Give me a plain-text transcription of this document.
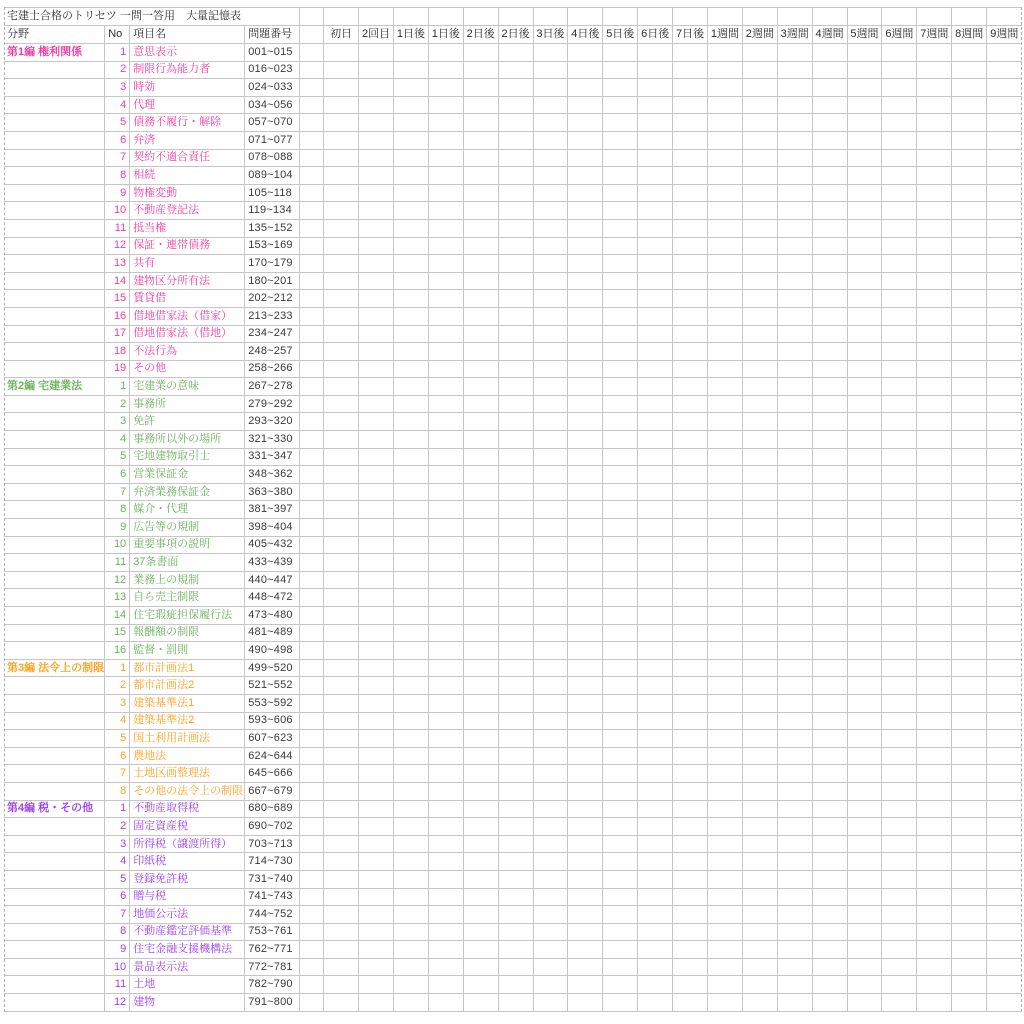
宅建士合格のトリセツ 一問一答用　大量記憶表																								
分野	No	項目名	問題番号		初日	2回目	1日後	1日後	2日後	2日後	3日後	4日後	5日後	6日後	7日後	1週間	2週間	3週間	4週間	5週間	6週間	7週間	8週間	9週間
第1編 権利関係	1	意思表示	001~015																					
	2	制限行為能力者	016~023																					
	3	時効	024~033																					
	4	代理	034~056																					
	5	債務不履行・解除	057~070																					
	6	弁済	071~077																					
	7	契約不適合責任	078~088																					
	8	相続	089~104																					
	9	物権変動	105~118																					
	10	不動産登記法	119~134																					
	11	抵当権	135~152																					
	12	保証・連帯債務	153~169																					
	13	共有	170~179																					
	14	建物区分所有法	180~201																					
	15	賃貸借	202~212																					
	16	借地借家法（借家）	213~233																					
	17	借地借家法（借地）	234~247																					
	18	不法行為	248~257																					
	19	その他	258~266																					
第2編 宅建業法	1	宅建業の意味	267~278																					
	2	事務所	279~292																					
	3	免許	293~320																					
	4	事務所以外の場所	321~330																					
	5	宅地建物取引士	331~347																					
	6	営業保証金	348~362																					
	7	弁済業務保証金	363~380																					
	8	媒介・代理	381~397																					
	9	広告等の規制	398~404																					
	10	重要事項の説明	405~432																					
	11	37条書面	433~439																					
	12	業務上の規制	440~447																					
	13	自ら売主制限	448~472																					
	14	住宅瑕疵担保履行法	473~480																					
	15	報酬額の制限	481~489																					
	16	監督・罰則	490~498																					
第3編 法令上の制限	1	都市計画法1	499~520																					
	2	都市計画法2	521~552																					
	3	建築基準法1	553~592																					
	4	建築基準法2	593~606																					
	5	国土利用計画法	607~623																					
	6	農地法	624~644																					
	7	土地区画整理法	645~666																					
	8	その他の法令上の制限	667~679																					
第4編 税・その他	1	不動産取得税	680~689																					
	2	固定資産税	690~702																					
	3	所得税（譲渡所得）	703~713																					
	4	印紙税	714~730																					
	5	登録免許税	731~740																					
	6	贈与税	741~743																					
	7	地価公示法	744~752																					
	8	不動産鑑定評価基準	753~761																					
	9	住宅金融支援機構法	762~771																					
	10	景品表示法	772~781																					
	11	土地	782~790																					
	12	建物	791~800																					
